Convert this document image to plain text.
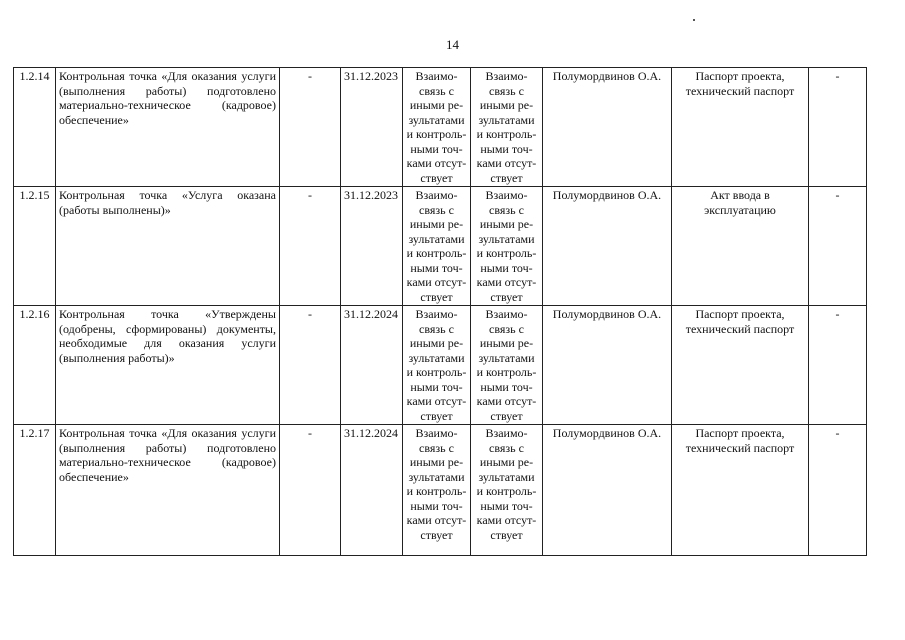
14
1.2.14	Контрольная точка «Для оказания услуги (выполнения работы) подготовлено материально-техническое (кадровое) обеспечение»	-	31.12.2023	Взаимо-связь с иными ре-зультатами и контроль-ными точ-ками отсут-ствует	Взаимо-связь с иными ре-зультатами и контроль-ными точ-ками отсут-ствует	Полумордвинов О.А.	Паспорт проекта, технический паспорт	-
1.2.15	Контрольная точка «Услуга оказана (работы выполнены)»	-	31.12.2023	Взаимо-связь с иными ре-зультатами и контроль-ными точ-ками отсут-ствует	Взаимо-связь с иными ре-зультатами и контроль-ными точ-ками отсут-ствует	Полумордвинов О.А.	Акт ввода в эксплуатацию	-
1.2.16	Контрольная точка «Утверждены (одобрены, сформированы) документы, необходимые для оказания услуги (выполнения работы)»	-	31.12.2024	Взаимо-связь с иными ре-зультатами и контроль-ными точ-ками отсут-ствует	Взаимо-связь с иными ре-зультатами и контроль-ными точ-ками отсут-ствует	Полумордвинов О.А.	Паспорт проекта, технический паспорт	-
1.2.17	Контрольная точка «Для оказания услуги (выполнения работы) подготовлено материально-техническое (кадровое) обеспечение»	-	31.12.2024	Взаимо-связь с иными ре-зультатами и контроль-ными точ-ками отсут-ствует	Взаимо-связь с иными ре-зультатами и контроль-ными точ-ками отсут-ствует	Полумордвинов О.А.	Паспорт проекта, технический паспорт	-
